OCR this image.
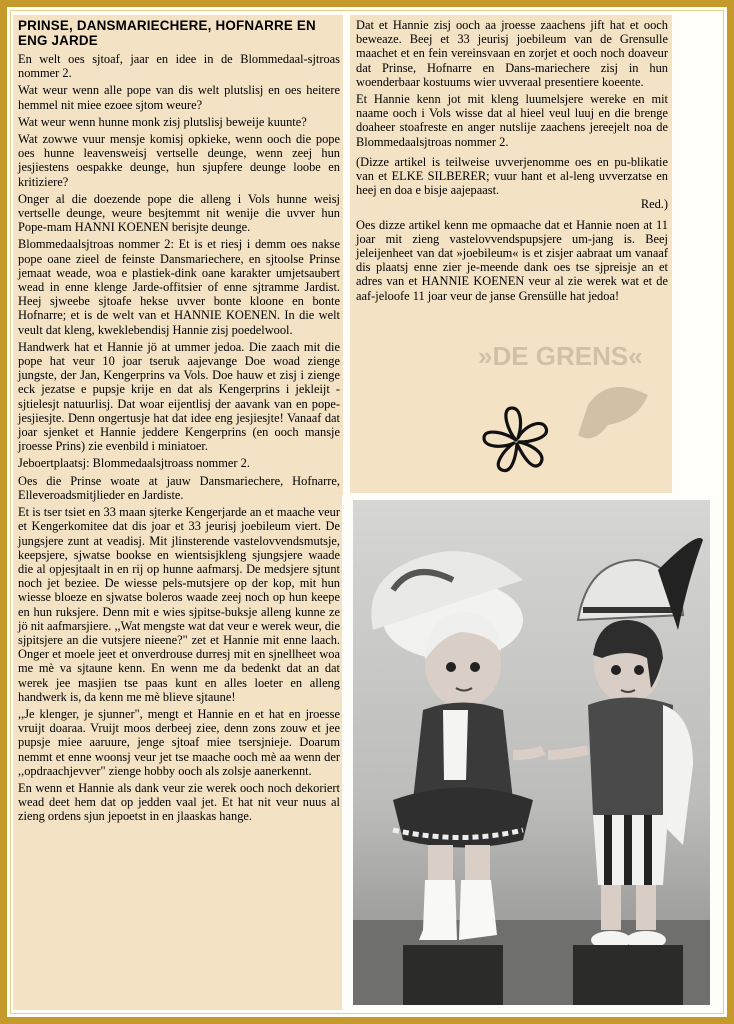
»DE GRENS«
PRINSE, DANSMARIECHERE, HOFNARRE EN ENG JARDE

En welt oes sjtoaf, jaar en idee in de Blommedaal-sjtroas nommer 2.

Wat weur wenn alle pope van dis welt plutslisj en oes heitere hemmel nit miee ezoee sjtom weure?

Wat weur wenn hunne monk zisj plutslisj beweije kuunte?

Wat zowwe vuur mensje komisj opkieke, wenn ooch die pope oes hunne leavensweisj vertselle deunge, wenn zeej hun jesjiestens oespakke deunge, hun sjupfere deunge loobe en kritiziere?

Onger al die doezende pope die alleng i Vols hunne weisj vertselle deunge, weure besjtemmt nit wenije die uvver hun Pope-mam HANNI KOENEN berisjte deunge.

Blommedaalsjtroas nommer 2: Et is et riesj i demm oes nakse pope oane zieel de feinste Dansmariechere, en sjtoolse Prinse jemaat weade, woa e plastiek-dink oane karakter umjetsaubert wead in enne klenge Jarde-offitsier of enne sjtramme Jardist. Heej sjweebe sjtoafe hekse uvver bonte kloone en bonte Hofnarre; et is de welt van et HANNIE KOENEN. In die welt veult dat kleng, kweklebendisj Hannie zisj poedelwool.

Handwerk hat et Hannie jö at ummer jedoa. Die zaach mit die pope hat veur 10 joar tseruk aajevange Doe woad zienge jungste, der Jan, Kengerprins va Vols. Doe hauw et zisj i zienge eck jezatse e pupsje krije en dat als Kengerprins i jekleijt - sjtielesjt natuurlisj. Dat woar eijentlisj der aavank van en pope-jesjiesjte. Denn ongertusje hat dat idee eng jesjiesjte! Vanaaf dat joar sjenket et Hannie jeddere Kengerprins (en ooch mansje jroesse Prins) zie evenbild i miniatoer.

Jeboertplaatsj: Blommedaalsjtroass nommer 2.

Oes die Prinse woate at jauw Dansmariechere, Hofnarre, Elleveroadsmitjlieder en Jardiste.

Et is tser tsiet en 33 maan sjterke Kengerjarde an et maache veur et Kengerkomitee dat dis joar et 33 jeurisj joebileum viert. De jungsjere zunt at veadisj. Mit jlinsterende vastelovvendsmutsje, keepsjere, sjwatse bookse en wientsisjkleng sjungsjere waade die al opjesjtaalt in en rij op hunne aafmarsj. De medsjere sjtunt noch jet beziee. De wiesse pels-mutsjere op der kop, mit hun wiesse bloeze en sjwatse boleros waade zeej noch op hun keepe en hun ruksjere. Denn mit e wies sjpitse-buksje alleng kunne ze jö nit aafmarsjiere. ,,Wat mengste wat dat veur e werek weur, die sjpitsjere an die vutsjere nieene?" zet et Hannie mit enne laach. Onger et moele jeet et onverdrouse durresj mit en sjnellheet woa me mè va sjtaune kenn. En wenn me da bedenkt dat an dat werek jee masjien tse paas kunt en alles loeter en alleng handwerk is, da kenn me mè blieve sjtaune!

,,Je klenger, je sjunner", mengt et Hannie en et hat en jroesse vruijt doaraa. Vruijt moos derbeej ziee, denn zons zouw et jee pupsje miee aaruure, jenge sjtoaf miee tsersjnieje. Doarum nemmt et enne woonsj veur jet tse maache ooch mè aa wenn der ,,opdraachjevver" zienge hobby ooch als zolsje aanerkennt.

En wenn et Hannie als dank veur zie werek ooch noch dekoriert wead deet hem dat op jedden vaal jet. Et hat nit veur nuus al zieng ordens sjun jepoetst in en jlaaskas hange.

Dat et Hannie zisj ooch aa jroesse zaachens jift hat et ooch beweaze. Beej et 33 jeurisj joebileum van de Grensulle maachet et en fein vereinsvaan en zorjet et ooch noch doaveur dat Prinse, Hofnarre en Dans-mariechere zisj in hun woenderbaar kostuums wier uvveraal presentiere koeente.

Et Hannie kenn jot mit kleng luumelsjere wereke en mit naame ooch i Vols wisse dat al hieel veul luuj en die brenge doaheer stoafreste en anger nutslije zaachens jereejelt noa de Blommedaalsjtroas nommer 2.

(Dizze artikel is teilweise uvverjenomme oes en pu-blikatie van et ELKE SILBERER; vuur hant et al-leng uvverzatse en heej en doa e bisje aajepaast.
Red.)

Oes dizze artikel kenn me opmaache dat et Hannie noen at 11 joar mit zieng vastelovvendspupsjere um-jang is. Beej jeleijenheet van dat »joebileum« is et zisjer aabraat um vanaaf dis plaatsj enne zier je-meende dank oes tse sjpreisje an et adres van et HANNIE KOENEN veur al zie werek wat et de aaf-jeloofe 11 joar veur de janse Grensülle hat jedoa!
